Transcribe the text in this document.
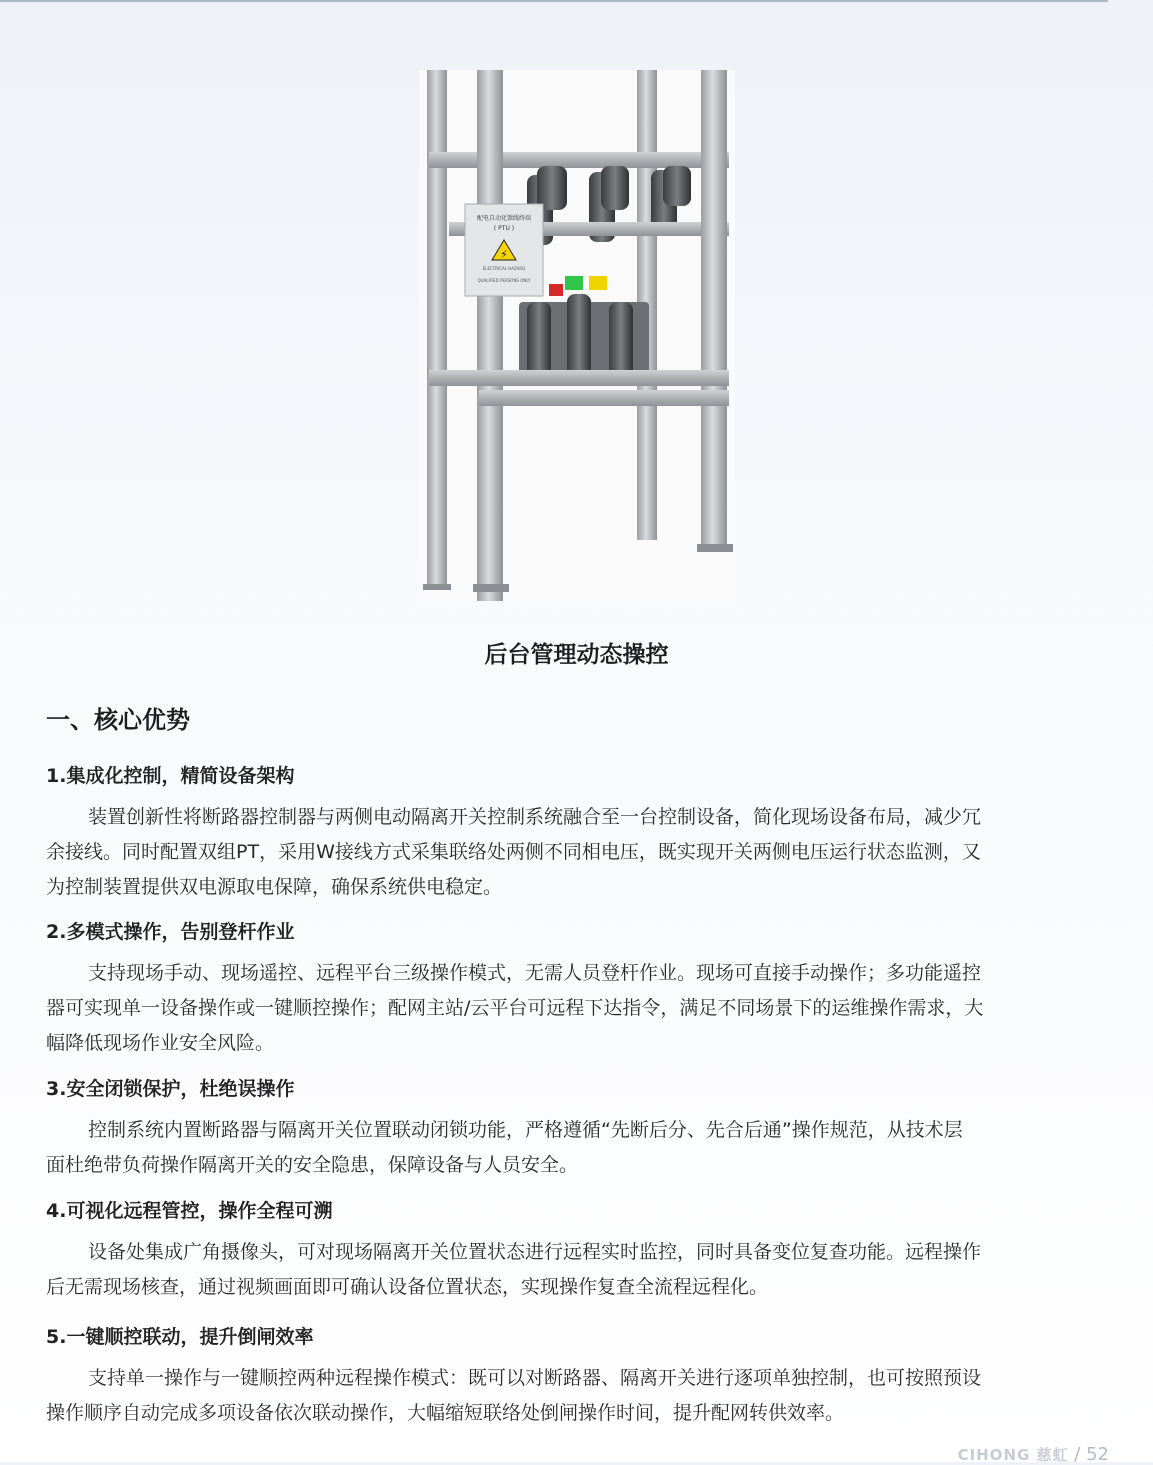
配电自动化馈线终端
( PTU )
⚡
ELECTRICAL HAZARD
QUALIFIED PERSONS ONLY
后台管理动态操控
一、核心优势
1.集成化控制，精简设备架构
装置创新性将断路器控制器与两侧电动隔离开关控制系统融合至一台控制设备，简化现场设备布局，减少冗
余接线。同时配置双组PT，采用W接线方式采集联络处两侧不同相电压，既实现开关两侧电压运行状态监测，又
为控制装置提供双电源取电保障，确保系统供电稳定。
2.多模式操作，告别登杆作业
支持现场手动、现场遥控、远程平台三级操作模式，无需人员登杆作业。现场可直接手动操作；多功能遥控
器可实现单一设备操作或一键顺控操作；配网主站/云平台可远程下达指令，满足不同场景下的运维操作需求，大
幅降低现场作业安全风险。
3.安全闭锁保护，杜绝误操作
控制系统内置断路器与隔离开关位置联动闭锁功能，严格遵循“先断后分、先合后通”操作规范，从技术层
面杜绝带负荷操作隔离开关的安全隐患，保障设备与人员安全。
4.可视化远程管控，操作全程可溯
设备处集成广角摄像头，可对现场隔离开关位置状态进行远程实时监控，同时具备变位复查功能。远程操作
后无需现场核查，通过视频画面即可确认设备位置状态，实现操作复查全流程远程化。
5.一键顺控联动，提升倒闸效率
支持单一操作与一键顺控两种远程操作模式：既可以对断路器、隔离开关进行逐项单独控制，也可按照预设
操作顺序自动完成多项设备依次联动操作，大幅缩短联络处倒闸操作时间，提升配网转供效率。
CIHONG 慈虹 / 52
